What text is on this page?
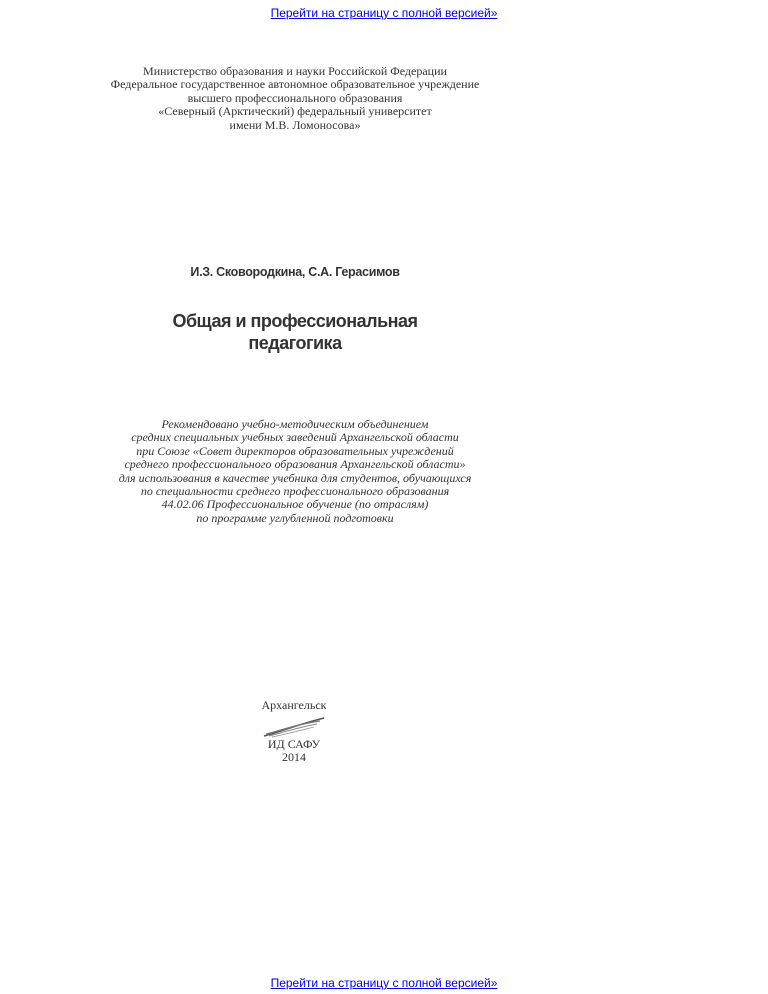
Перейти на страницу с полной версией»
Министерство образования и науки Российской Федерации
Федеральное государственное автономное образовательное учреждение
высшего профессионального образования
«Северный (Арктический) федеральный университет
имени М.В. Ломоносова»
И.З. Сковородкина, С.А. Герасимов
Общая и профессиональная
педагогика
Рекомендовано учебно-методическим объединением
средних специальных учебных заведений Архангельской области
при Союзе «Совет директоров образовательных учреждений
среднего профессионального образования Архангельской области»
для использования в качестве учебника для студентов, обучающихся
по специальности среднего профессионального образования
44.02.06 Профессиональное обучение (по отраслям)
по программе углубленной подготовки
Архангельск
ИД САФУ
2014
Перейти на страницу с полной версией»
